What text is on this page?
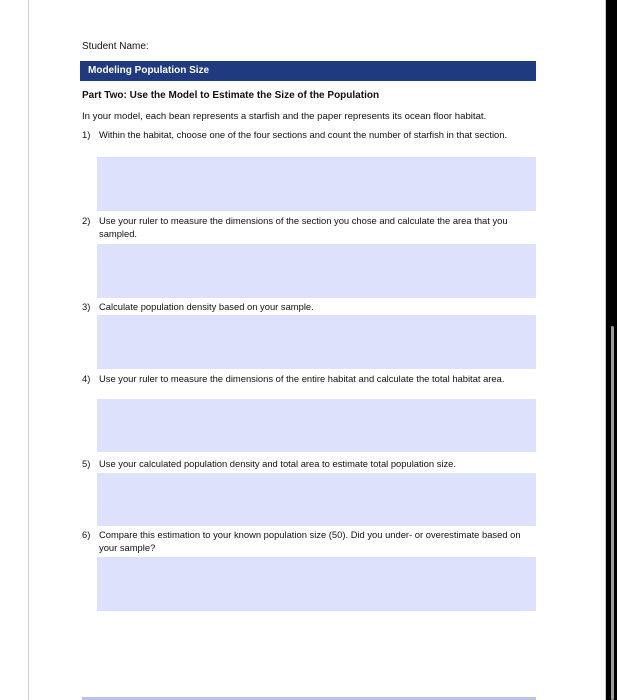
Student Name:
Modeling Population Size
Part Two: Use the Model to Estimate the Size of the Population
In your model, each bean represents a starfish and the paper represents its ocean floor habitat.
1) Within the habitat, choose one of the four sections and count the number of starfish in that section.
2) Use your ruler to measure the dimensions of the section you chose and calculate the area that you sampled.
3) Calculate population density based on your sample.
4) Use your ruler to measure the dimensions of the entire habitat and calculate the total habitat area.
5) Use your calculated population density and total area to estimate total population size.
6) Compare this estimation to your known population size (50). Did you under- or overestimate based on your sample?
